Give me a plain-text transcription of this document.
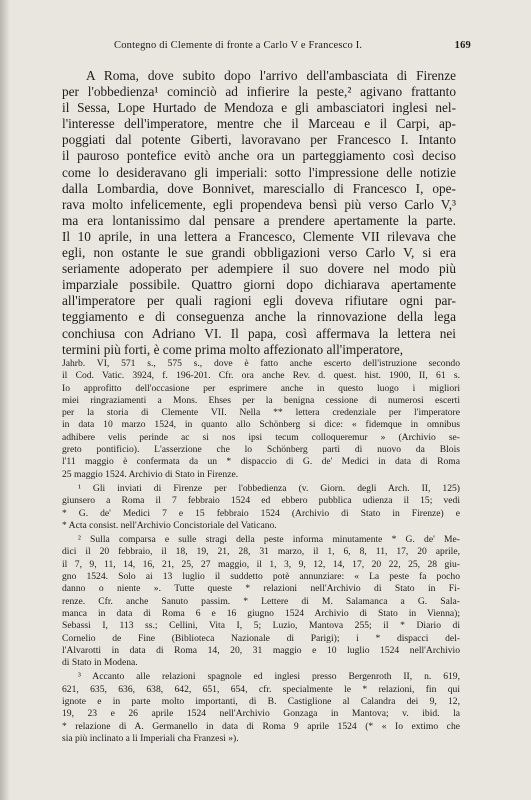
Contegno di Clemente di fronte a Carlo V e Francesco I.	169
A Roma, dove subito dopo l'arrivo dell'ambasciata di Firenze
per l'obbedienza¹ cominciò ad infierire la peste,² agivano frattanto
il Sessa, Lope Hurtado de Mendoza e gli ambasciatori inglesi nel-
l'interesse dell'imperatore, mentre che il Marceau e il Carpi, ap-
poggiati dal potente Giberti, lavoravano per Francesco I. Intanto
il pauroso pontefice evitò anche ora un parteggiamento così deciso
come lo desideravano gli imperiali: sotto l'impressione delle notizie
dalla Lombardia, dove Bonnivet, maresciallo di Francesco I, ope-
rava molto infelicemente, egli propendeva bensì più verso Carlo V,³
ma era lontanissimo dal pensare a prendere apertamente la parte.
Il 10 aprile, in una lettera a Francesco, Clemente VII rilevava che
egli, non ostante le sue grandi obbligazioni verso Carlo V, si era
seriamente adoperato per adempiere il suo dovere nel modo più
imparziale possibile. Quattro giorni dopo dichiarava apertamente
all'imperatore per quali ragioni egli doveva rifiutare ogni par-
teggiamento e di conseguenza anche la rinnovazione della lega
conchiusa con Adriano VI. Il papa, così affermava la lettera nei
termini più forti, è come prima molto affezionato all'imperatore,
Jahrb. VI, 571 s., 575 s., dove è fatto anche escerto dell'istruzione secondo
il Cod. Vatic. 3924, f. 196-201. Cfr. ora anche Rev. d. quest. hist. 1900, II, 61 s.
Io approfitto dell'occasione per esprimere anche in questo luogo i migliori
miei ringraziamenti a Mons. Ehses per la benigna cessione di numerosi escerti
per la storia di Clemente VII. Nella ** lettera credenziale per l'imperatore
in data 10 marzo 1524, in quanto allo Schönberg si dice: « fidemque in omnibus
adhibere velis perinde ac si nos ipsi tecum colloqueremur » (Archivio se-
greto pontificio). L'asserzione che lo Schönberg partì di nuovo da Blois
l'11 maggio è confermata da un * dispaccio di G. de' Medici in data di Roma
25 maggio 1524. Archivio di Stato in Firenze.
¹ Gli inviati di Firenze per l'obbedienza (v. Giorn. degli Arch. II, 125)
giunsero a Roma il 7 febbraio 1524 ed ebbero pubblica udienza il 15; vedi
* G. de' Medici 7 e 15 febbraio 1524 (Archivio di Stato in Firenze) e
* Acta consist. nell'Archivio Concistoriale del Vaticano.
² Sulla comparsa e sulle stragi della peste informa minutamente * G. de' Me-
dici il 20 febbraio, il 18, 19, 21, 28, 31 marzo, il 1, 6, 8, 11, 17, 20 aprile,
il 7, 9, 11, 14, 16, 21, 25, 27 maggio, il 1, 3, 9, 12, 14, 17, 20 22, 25, 28 giu-
gno 1524. Solo ai 13 luglio il suddetto potè annunziare: « La peste fa pocho
danno o niente ». Tutte queste * relazioni nell'Archivio di Stato in Fi-
renze. Cfr. anche Sanuto passim. * Lettere di M. Salamanca a G. Sala-
manca in data di Roma 6 e 16 giugno 1524 Archivio di Stato in Vienna);
Sebassi I, 113 ss.; Cellini, Vita I, 5; Luzio, Mantova 255; il * Diario di
Cornelio de Fine (Biblioteca Nazionale di Parigi); i * dispacci del-
l'Alvarotti in data di Roma 14, 20, 31 maggio e 10 luglio 1524 nell'Archivio
di Stato in Modena.
³ Accanto alle relazioni spagnole ed inglesi presso Bergenroth II, n. 619,
621, 635, 636, 638, 642, 651, 654, cfr. specialmente le * relazioni, fin qui
ignote e in parte molto importanti, di B. Castiglione al Calandra dei 9, 12,
19, 23 e 26 aprile 1524 nell'Archivio Gonzaga in Mantova; v. ibid. la
* relazione di A. Germanello in data di Roma 9 aprile 1524 (* « Io extimo che
sia più inclinato a li Imperiali cha Franzesi »).
